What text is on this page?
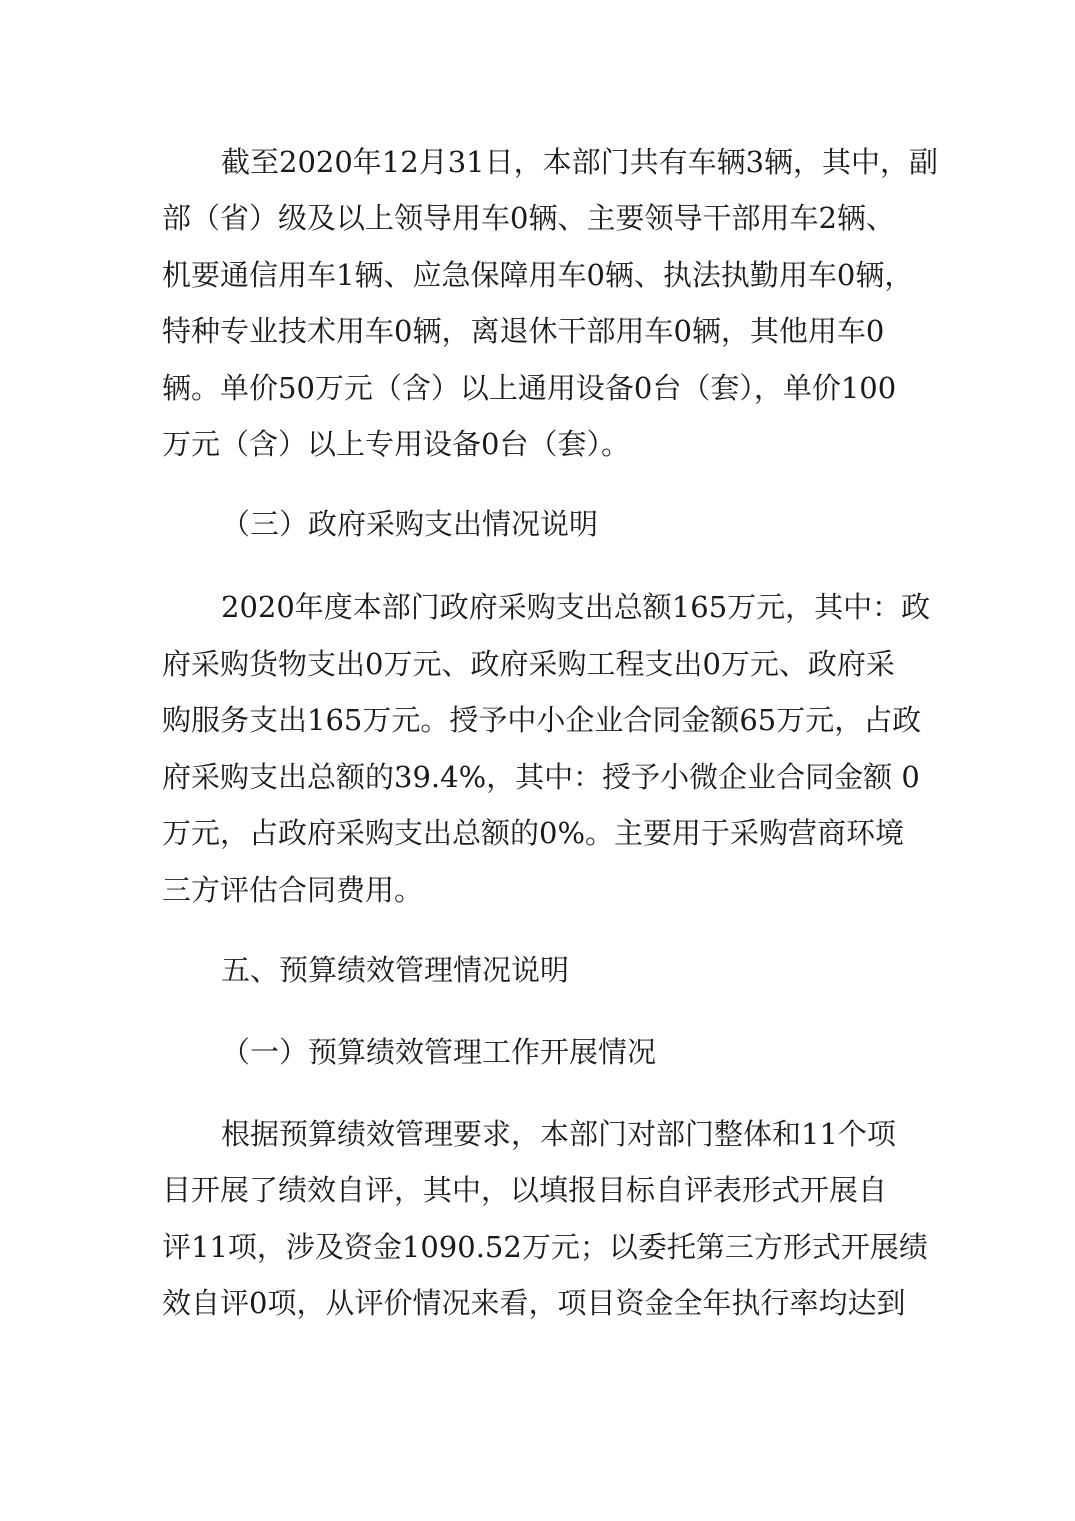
截至2020年12月31日，本部门共有车辆3辆，其中，副
部（省）级及以上领导用车0辆、主要领导干部用车2辆、
机要通信用车1辆、应急保障用车0辆、执法执勤用车0辆，
特种专业技术用车0辆，离退休干部用车0辆，其他用车0
辆。单价50万元（含）以上通用设备0台（套），单价100
万元（含）以上专用设备0台（套）。
（三）政府采购支出情况说明
2020年度本部门政府采购支出总额165万元，其中：政
府采购货物支出0万元、政府采购工程支出0万元、政府采
购服务支出165万元。授予中小企业合同金额65万元，占政
府采购支出总额的39.4%，其中：授予小微企业合同金额 0
万元，占政府采购支出总额的0%。主要用于采购营商环境
三方评估合同费用。
五、预算绩效管理情况说明
（一）预算绩效管理工作开展情况
根据预算绩效管理要求，本部门对部门整体和11个项
目开展了绩效自评，其中，以填报目标自评表形式开展自
评11项，涉及资金1090.52万元；以委托第三方形式开展绩
效自评0项，从评价情况来看，项目资金全年执行率均达到
